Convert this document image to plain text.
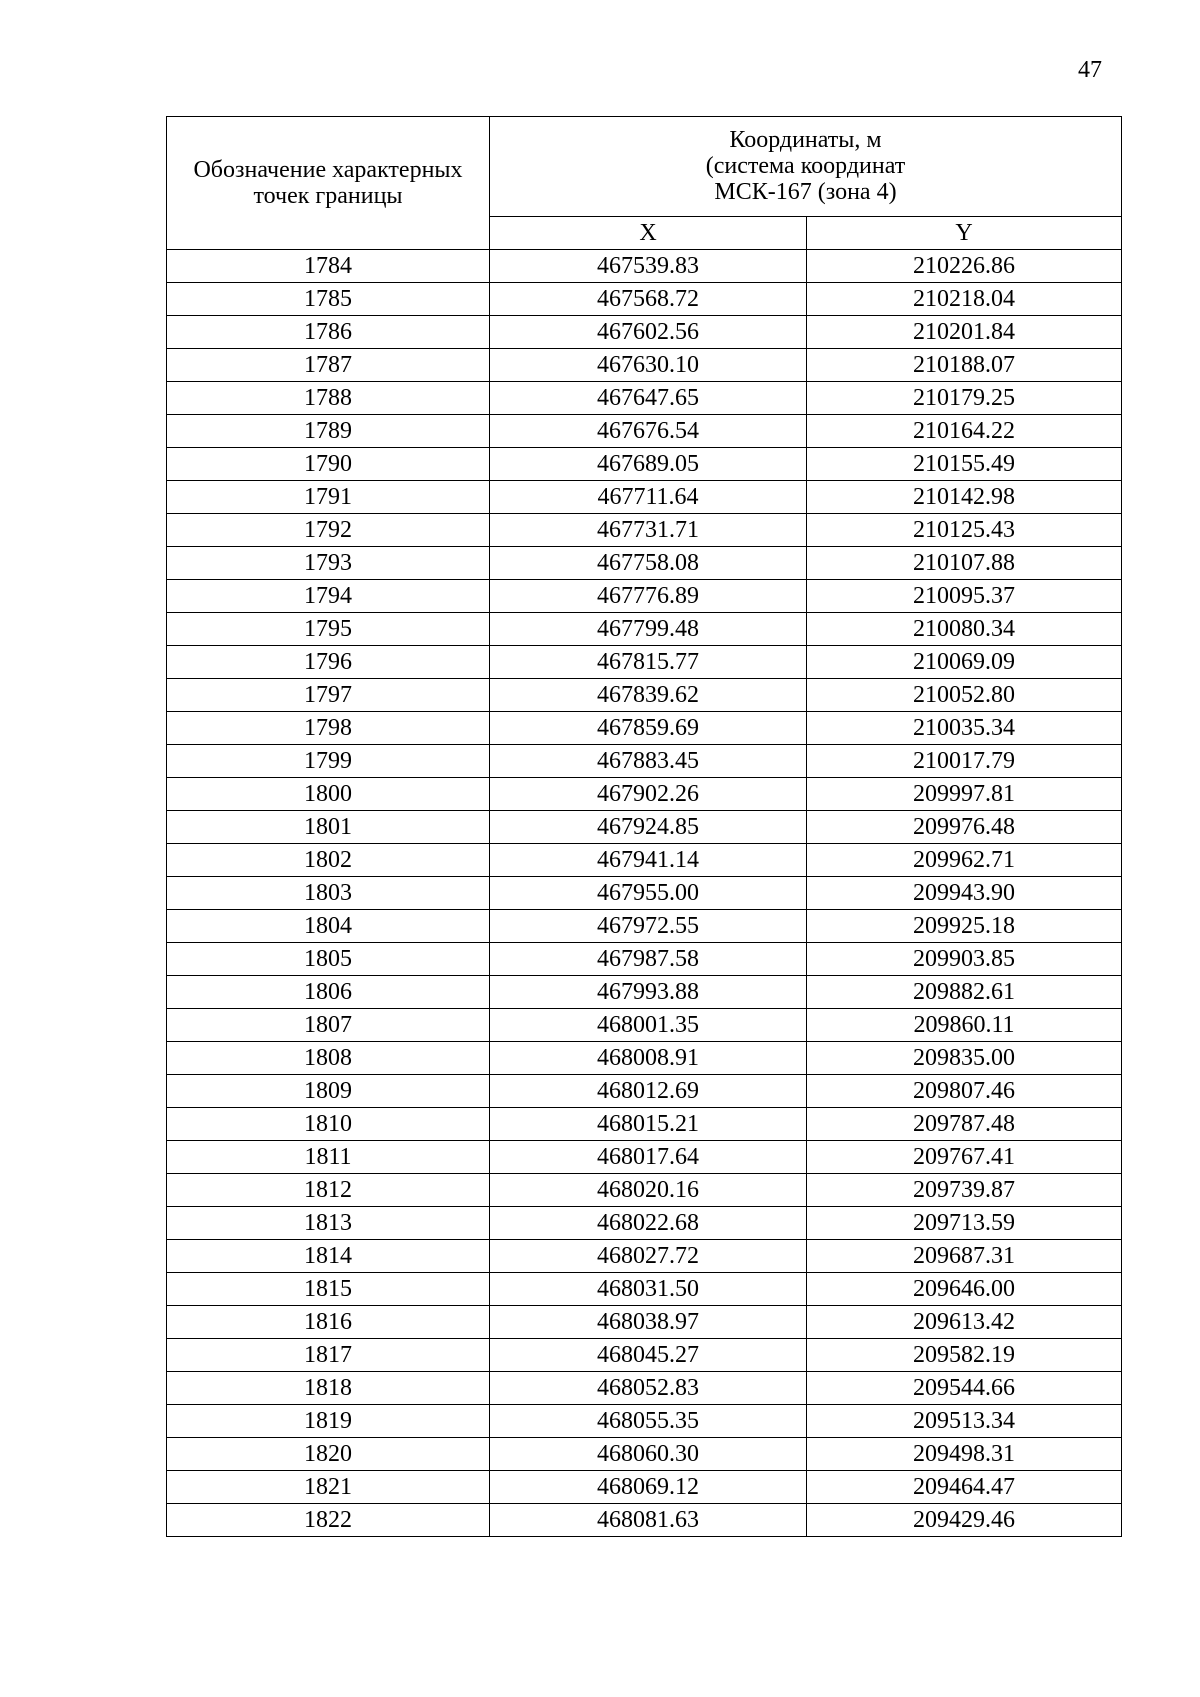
47
Обозначение характерных точек границы	Координаты, м
(система координат
МСК-167 (зона 4)	

	X	Y
1784	467539.83	210226.86
1785	467568.72	210218.04
1786	467602.56	210201.84
1787	467630.10	210188.07
1788	467647.65	210179.25
1789	467676.54	210164.22
1790	467689.05	210155.49
1791	467711.64	210142.98
1792	467731.71	210125.43
1793	467758.08	210107.88
1794	467776.89	210095.37
1795	467799.48	210080.34
1796	467815.77	210069.09
1797	467839.62	210052.80
1798	467859.69	210035.34
1799	467883.45	210017.79
1800	467902.26	209997.81
1801	467924.85	209976.48
1802	467941.14	209962.71
1803	467955.00	209943.90
1804	467972.55	209925.18
1805	467987.58	209903.85
1806	467993.88	209882.61
1807	468001.35	209860.11
1808	468008.91	209835.00
1809	468012.69	209807.46
1810	468015.21	209787.48
1811	468017.64	209767.41
1812	468020.16	209739.87
1813	468022.68	209713.59
1814	468027.72	209687.31
1815	468031.50	209646.00
1816	468038.97	209613.42
1817	468045.27	209582.19
1818	468052.83	209544.66
1819	468055.35	209513.34
1820	468060.30	209498.31
1821	468069.12	209464.47
1822	468081.63	209429.46
